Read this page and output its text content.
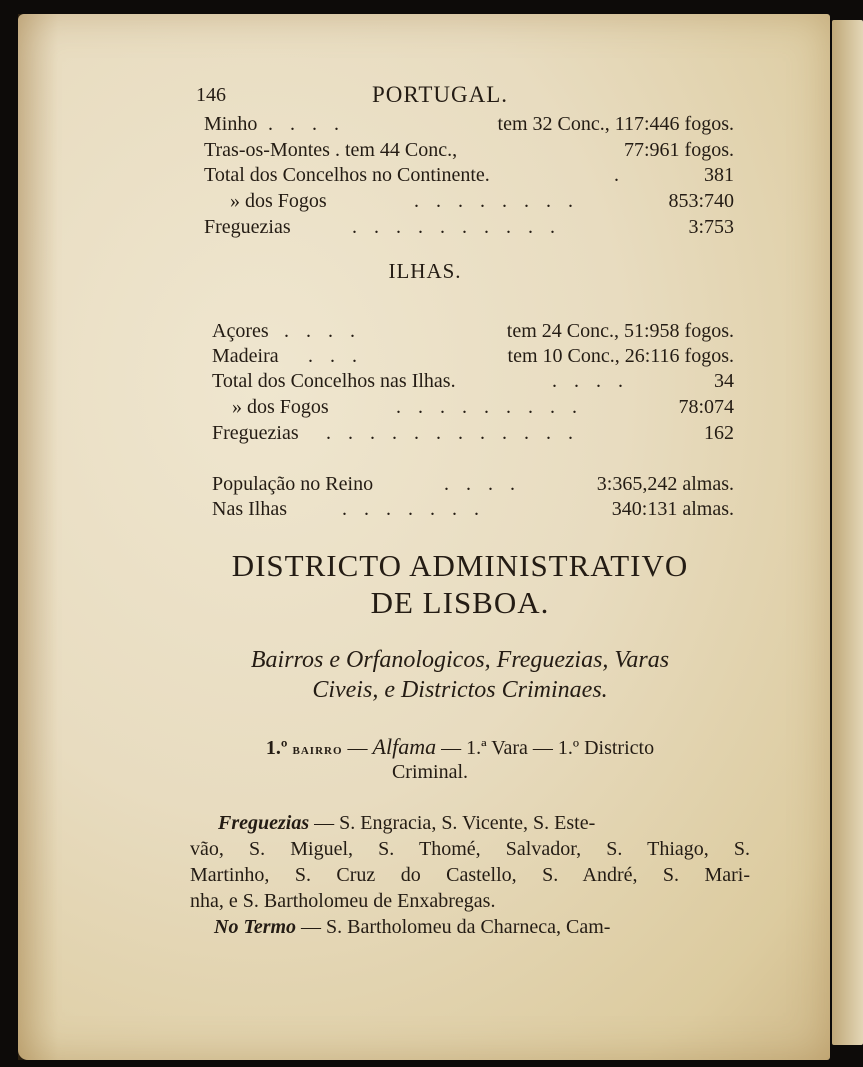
146	PORTUGAL.
Minho . . . .	tem 32 Conc., 117:446 fogos.
Tras-os-Montes . tem 44 Conc.,	77:961 fogos.
Total dos Concelhos no Continente.	.	381
» dos Fogos	. . . . . . . .	853:740
Freguezias	. . . . . . . . . .	3:753
ILHAS.
Açores . . . .	tem 24 Conc., 51:958 fogos.
Madeira . . .	tem 10 Conc., 26:116 fogos.
Total dos Concelhos nas Ilhas.	. . . .	34
» dos Fogos	. . . . . . . . .	78:074
Freguezias . . . . . . . . . . . .	162
População no Reino	. . . .	3:365,242 almas.
Nas Ilhas	. . . . . . .	340:131 almas.
DISTRICTO ADMINISTRATIVO
DE LISBOA.
Bairros e Orfanologicos, Freguezias, Varas
Civeis, e Districtos Criminaes.
1.º bairro — Alfama — 1.ª Vara — 1.º Districto
Criminal.
Freguezias — S. Engracia, S. Vicente, S. Este-
vão, S. Miguel, S. Thomé, Salvador, S. Thiago, S.
Martinho, S. Cruz do Castello, S. André, S. Mari-
nha, e S. Bartholomeu de Enxabregas.
No Termo — S. Bartholomeu da Charneca, Cam-
